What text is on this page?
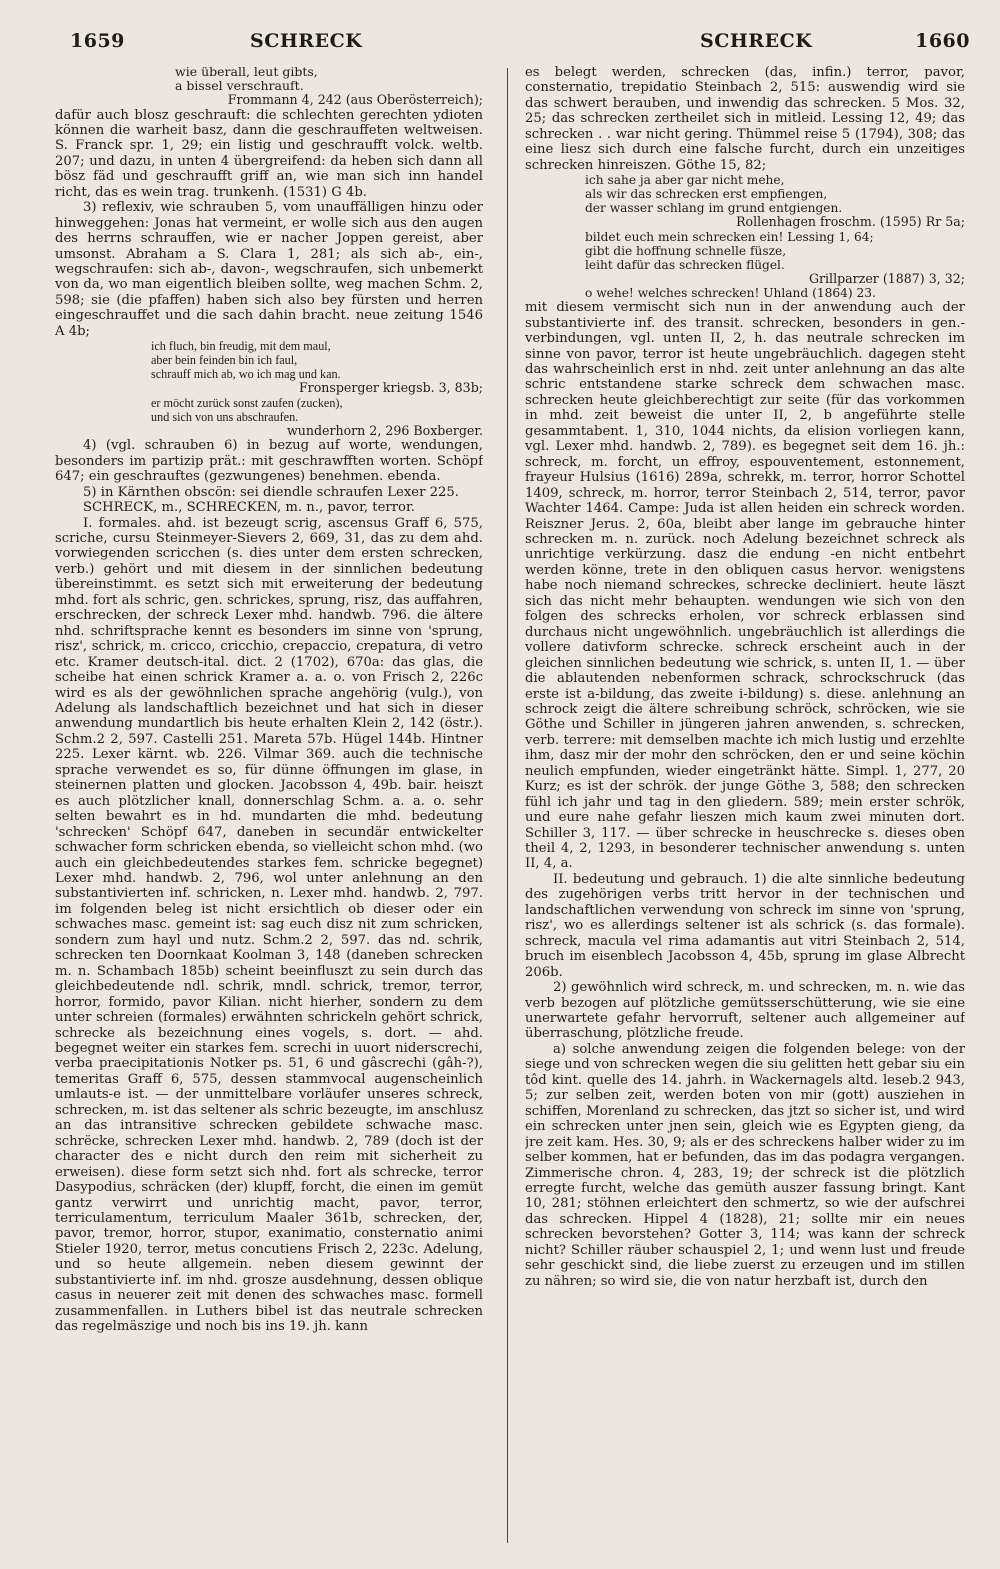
1659	SCHRECK	SCHRECK	1660

wie überall, leut gibts,

a bissel verschrauft.

Frommann 4, 242 (aus Oberösterreich);

dafür auch blosz geschrauft: die schlechten gerechten ydioten können die warheit basz, dann die geschrauffeten weltweisen. S. Franck spr. 1, 29; ein listig und geschraufft volck. weltb. 207; und dazu, in unten 4 übergreifend: da heben sich dann all bösz fäd und geschraufft griff an, wie man sich inn handel richt, das es wein trag. trunkenh. (1531) G 4b.

3) reflexiv, wie schrauben 5, vom unauffälligen hinzu oder hinweggehen: Jonas hat vermeint, er wolle sich aus den augen des herrns schrauffen, wie er nacher Joppen gereist, aber umsonst. Abraham a S. Clara 1, 281; als sich ab-, ein-, wegschraufen: sich ab-, davon-, wegschraufen, sich unbemerkt von da, wo man eigentlich bleiben sollte, weg machen Schm. 2, 598; sie (die pfaffen) haben sich also bey fürsten und herren eingeschrauffet und die sach dahin bracht. neue zeitung 1546 A 4b;

ich fluch, bin freudig, mit dem maul,

aber bein feinden bin ich faul,

schrauff mich ab, wo ich mag und kan.

Fronsperger kriegsb. 3, 83b;

er möcht zurück sonst zaufen (zucken),

und sich von uns abschraufen.

wunderhorn 2, 296 Boxberger.

4) (vgl. schrauben 6) in bezug auf worte, wendungen, besonders im partizip prät.: mit geschrawfften worten. Schöpf 647; ein geschrauftes (gezwungenes) benehmen. ebenda.

5) in Kärnthen obscön: sei diendle schraufen Lexer 225.

SCHRECK, m., SCHRECKEN, m. n., pavor, terror.

I. formales. ahd. ist bezeugt scrig, ascensus Graff 6, 575, scriche, cursu Steinmeyer-Sievers 2, 669, 31, das zu dem ahd. vorwiegenden scricchen (s. dies unter dem ersten schrecken, verb.) gehört und mit diesem in der sinnlichen bedeutung übereinstimmt. es setzt sich mit erweiterung der bedeutung mhd. fort als schric, gen. schrickes, sprung, risz, das auffahren, erschrecken, der schreck Lexer mhd. handwb. 796. die ältere nhd. schriftsprache kennt es besonders im sinne von 'sprung, risz', schrick, m. cricco, cricchio, crepaccio, crepatura, di vetro etc. Kramer deutsch-ital. dict. 2 (1702), 670a: das glas, die scheibe hat einen schrick Kramer a. a. o. von Frisch 2, 226c wird es als der gewöhnlichen sprache angehörig (vulg.), von Adelung als landschaftlich bezeichnet und hat sich in dieser anwendung mundartlich bis heute erhalten Klein 2, 142 (östr.). Schm.2 2, 597. Castelli 251. Mareta 57b. Hügel 144b. Hintner 225. Lexer kärnt. wb. 226. Vilmar 369. auch die technische sprache verwendet es so, für dünne öffnungen im glase, in steinernen platten und glocken. Jacobsson 4, 49b. bair. heiszt es auch plötzlicher knall, donnerschlag Schm. a. a. o. sehr selten bewahrt es in hd. mundarten die mhd. bedeutung 'schrecken' Schöpf 647, daneben in secundär entwickelter schwacher form schricken ebenda, so vielleicht schon mhd. (wo auch ein gleichbedeutendes starkes fem. schricke begegnet) Lexer mhd. handwb. 2, 796, wol unter anlehnung an den substantivierten inf. schricken, n. Lexer mhd. handwb. 2, 797. im folgenden beleg ist nicht ersichtlich ob dieser oder ein schwaches masc. gemeint ist: sag euch disz nit zum schricken, sondern zum hayl und nutz. Schm.2 2, 597. das nd. schrik, schrecken ten Doornkaat Koolman 3, 148 (daneben schrecken m. n. Schambach 185b) scheint beeinfluszt zu sein durch das gleichbedeutende ndl. schrik, mndl. schrick, tremor, terror, horror, formido, pavor Kilian. nicht hierher, sondern zu dem unter schreien (formales) erwähnten schrickeln gehört schrick, schrecke als bezeichnung eines vogels, s. dort. — ahd. begegnet weiter ein starkes fem. screchi in uuort niderscrechi, verba praecipitationis Notker ps. 51, 6 und gâscrechi (gâh-?), temeritas Graff 6, 575, dessen stammvocal augenscheinlich umlauts-e ist. — der unmittelbare vorläufer unseres schreck, schrecken, m. ist das seltener als schric bezeugte, im anschlusz an das intransitive schrecken gebildete schwache masc. schrëcke, schrecken Lexer mhd. handwb. 2, 789 (doch ist der character des e nicht durch den reim mit sicherheit zu erweisen). diese form setzt sich nhd. fort als schrecke, terror Dasypodius, schräcken (der) klupff, forcht, die einen im gemüt gantz verwirrt und unrichtig macht, pavor, terror, terriculamentum, terriculum Maaler 361b, schrecken, der, pavor, tremor, horror, stupor, exanimatio, consternatio animi Stieler 1920, terror, metus concutiens Frisch 2, 223c. Adelung, und so heute allgemein. neben diesem gewinnt der substantivierte inf. im nhd. grosze ausdehnung, dessen oblique casus in neuerer zeit mit denen des schwaches masc. formell zusammenfallen. in Luthers bibel ist das neutrale schrecken das regelmäszige und noch bis ins 19. jh. kann

es belegt werden, schrecken (das, infin.) terror, pavor, consternatio, trepidatio Steinbach 2, 515: auswendig wird sie das schwert berauben, und inwendig das schrecken. 5 Mos. 32, 25; das schrecken zertheilet sich in mitleid. Lessing 12, 49; das schrecken . . war nicht gering. Thümmel reise 5 (1794), 308; das eine liesz sich durch eine falsche furcht, durch ein unzeitiges schrecken hinreiszen. Göthe 15, 82;

ich sahe ja aber gar nicht mehe,

als wir das schrecken erst empfiengen,

der wasser schlang im grund entgiengen.

Rollenhagen froschm. (1595) Rr 5a;

bildet euch mein schrecken ein! Lessing 1, 64;

gibt die hoffnung schnelle füsze,

leiht dafür das schrecken flügel.

Grillparzer (1887) 3, 32;

o wehe! welches schrecken! Uhland (1864) 23.

mit diesem vermischt sich nun in der anwendung auch der substantivierte inf. des transit. schrecken, besonders in gen.-verbindungen, vgl. unten II, 2, h. das neutrale schrecken im sinne von pavor, terror ist heute ungebräuchlich. dagegen steht das wahrscheinlich erst in nhd. zeit unter anlehnung an das alte schric entstandene starke schreck dem schwachen masc. schrecken heute gleichberechtigt zur seite (für das vorkommen in mhd. zeit beweist die unter II, 2, b angeführte stelle gesammtabent. 1, 310, 1044 nichts, da elision vorliegen kann, vgl. Lexer mhd. handwb. 2, 789). es begegnet seit dem 16. jh.: schreck, m. forcht, un effroy, espouventement, estonnement, frayeur Hulsius (1616) 289a, schrekk, m. terror, horror Schottel 1409, schreck, m. horror, terror Steinbach 2, 514, terror, pavor Wachter 1464. Campe: Juda ist allen heiden ein schreck worden. Reiszner Jerus. 2, 60a, bleibt aber lange im gebrauche hinter schrecken m. n. zurück. noch Adelung bezeichnet schreck als unrichtige verkürzung. dasz die endung -en nicht entbehrt werden könne, trete in den obliquen casus hervor. wenigstens habe noch niemand schreckes, schrecke decliniert. heute läszt sich das nicht mehr behaupten. wendungen wie sich von den folgen des schrecks erholen, vor schreck erblassen sind durchaus nicht ungewöhnlich. ungebräuchlich ist allerdings die vollere dativform schrecke. schreck erscheint auch in der gleichen sinnlichen bedeutung wie schrick, s. unten II, 1. — über die ablautenden nebenformen schrack, schrockschruck (das erste ist a-bildung, das zweite i-bildung) s. diese. anlehnung an schrock zeigt die ältere schreibung schröck, schröcken, wie sie Göthe und Schiller in jüngeren jahren anwenden, s. schrecken, verb. terrere: mit demselben machte ich mich lustig und erzehlte ihm, dasz mir der mohr den schröcken, den er und seine köchin neulich empfunden, wieder eingetränkt hätte. Simpl. 1, 277, 20 Kurz; es ist der schrök. der junge Göthe 3, 588; den schrecken fühl ich jahr und tag in den gliedern. 589; mein erster schrök, und eure nahe gefahr lieszen mich kaum zwei minuten dort. Schiller 3, 117. — über schrecke in heuschrecke s. dieses oben theil 4, 2, 1293, in besonderer technischer anwendung s. unten II, 4, a.

II. bedeutung und gebrauch. 1) die alte sinnliche bedeutung des zugehörigen verbs tritt hervor in der technischen und landschaftlichen verwendung von schreck im sinne von 'sprung, risz', wo es allerdings seltener ist als schrick (s. das formale). schreck, macula vel rima adamantis aut vitri Steinbach 2, 514, bruch im eisenblech Jacobsson 4, 45b, sprung im glase Albrecht 206b.

2) gewöhnlich wird schreck, m. und schrecken, m. n. wie das verb bezogen auf plötzliche gemütsserschütterung, wie sie eine unerwartete gefahr hervorruft, seltener auch allgemeiner auf überraschung, plötzliche freude.

a) solche anwendung zeigen die folgenden belege: von der siege und von schrecken wegen die siu gelitten hett gebar siu ein tôd kint. quelle des 14. jahrh. in Wackernagels altd. leseb.2 943, 5; zur selben zeit, werden boten von mir (gott) ausziehen in schiffen, Morenland zu schrecken, das jtzt so sicher ist, und wird ein schrecken unter jnen sein, gleich wie es Egypten gieng, da jre zeit kam. Hes. 30, 9; als er des schreckens halber wider zu im selber kommen, hat er befunden, das im das podagra vergangen. Zimmerische chron. 4, 283, 19; der schreck ist die plötzlich erregte furcht, welche das gemüth auszer fassung bringt. Kant 10, 281; stöhnen erleichtert den schmertz, so wie der aufschrei das schrecken. Hippel 4 (1828), 21; sollte mir ein neues schrecken bevorstehen? Gotter 3, 114; was kann der schreck nicht? Schiller räuber schauspiel 2, 1; und wenn lust und freude sehr geschickt sind, die liebe zuerst zu erzeugen und im stillen zu nähren; so wird sie, die von natur herzbaft ist, durch den
